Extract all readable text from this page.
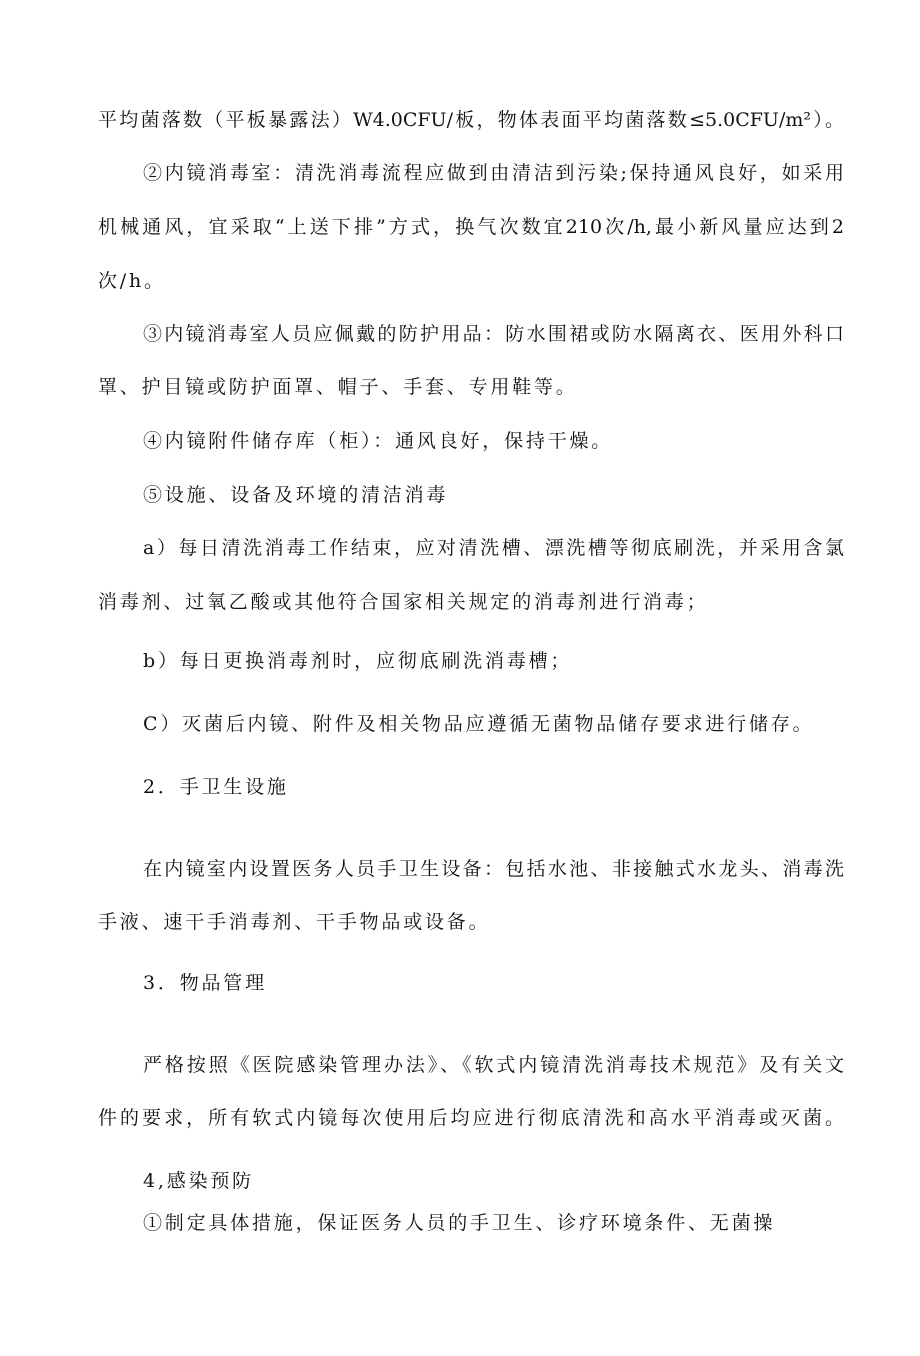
平均菌落数（平板暴露法）W4.0CFU/板，物体表面平均菌落数≤5.0CFU∕m²）。
②内镜消毒室：清洗消毒流程应做到由清洁到污染;保持通风良好，如采用
机械通风，宜采取“上送下排”方式，换气次数宜210次∕h,最小新风量应达到2
次/h。
③内镜消毒室人员应佩戴的防护用品：防水围裙或防水隔离衣、医用外科口
罩、护目镜或防护面罩、帽子、手套、专用鞋等。
④内镜附件储存库（柜）：通风良好，保持干燥。
⑤设施、设备及环境的清洁消毒
a）每日清洗消毒工作结束，应对清洗槽、漂洗槽等彻底刷洗，并采用含氯
消毒剂、过氧乙酸或其他符合国家相关规定的消毒剂进行消毒；
b）每日更换消毒剂时，应彻底刷洗消毒槽；
C）灭菌后内镜、附件及相关物品应遵循无菌物品储存要求进行储存。
2．手卫生设施
在内镜室内设置医务人员手卫生设备：包括水池、非接触式水龙头、消毒洗
手液、速干手消毒剂、干手物品或设备。
3．物品管理
严格按照《医院感染管理办法》、《软式内镜清洗消毒技术规范》及有关文
件的要求，所有软式内镜每次使用后均应进行彻底清洗和高水平消毒或灭菌。
4,感染预防
①制定具体措施，保证医务人员的手卫生、诊疗环境条件、无菌操
